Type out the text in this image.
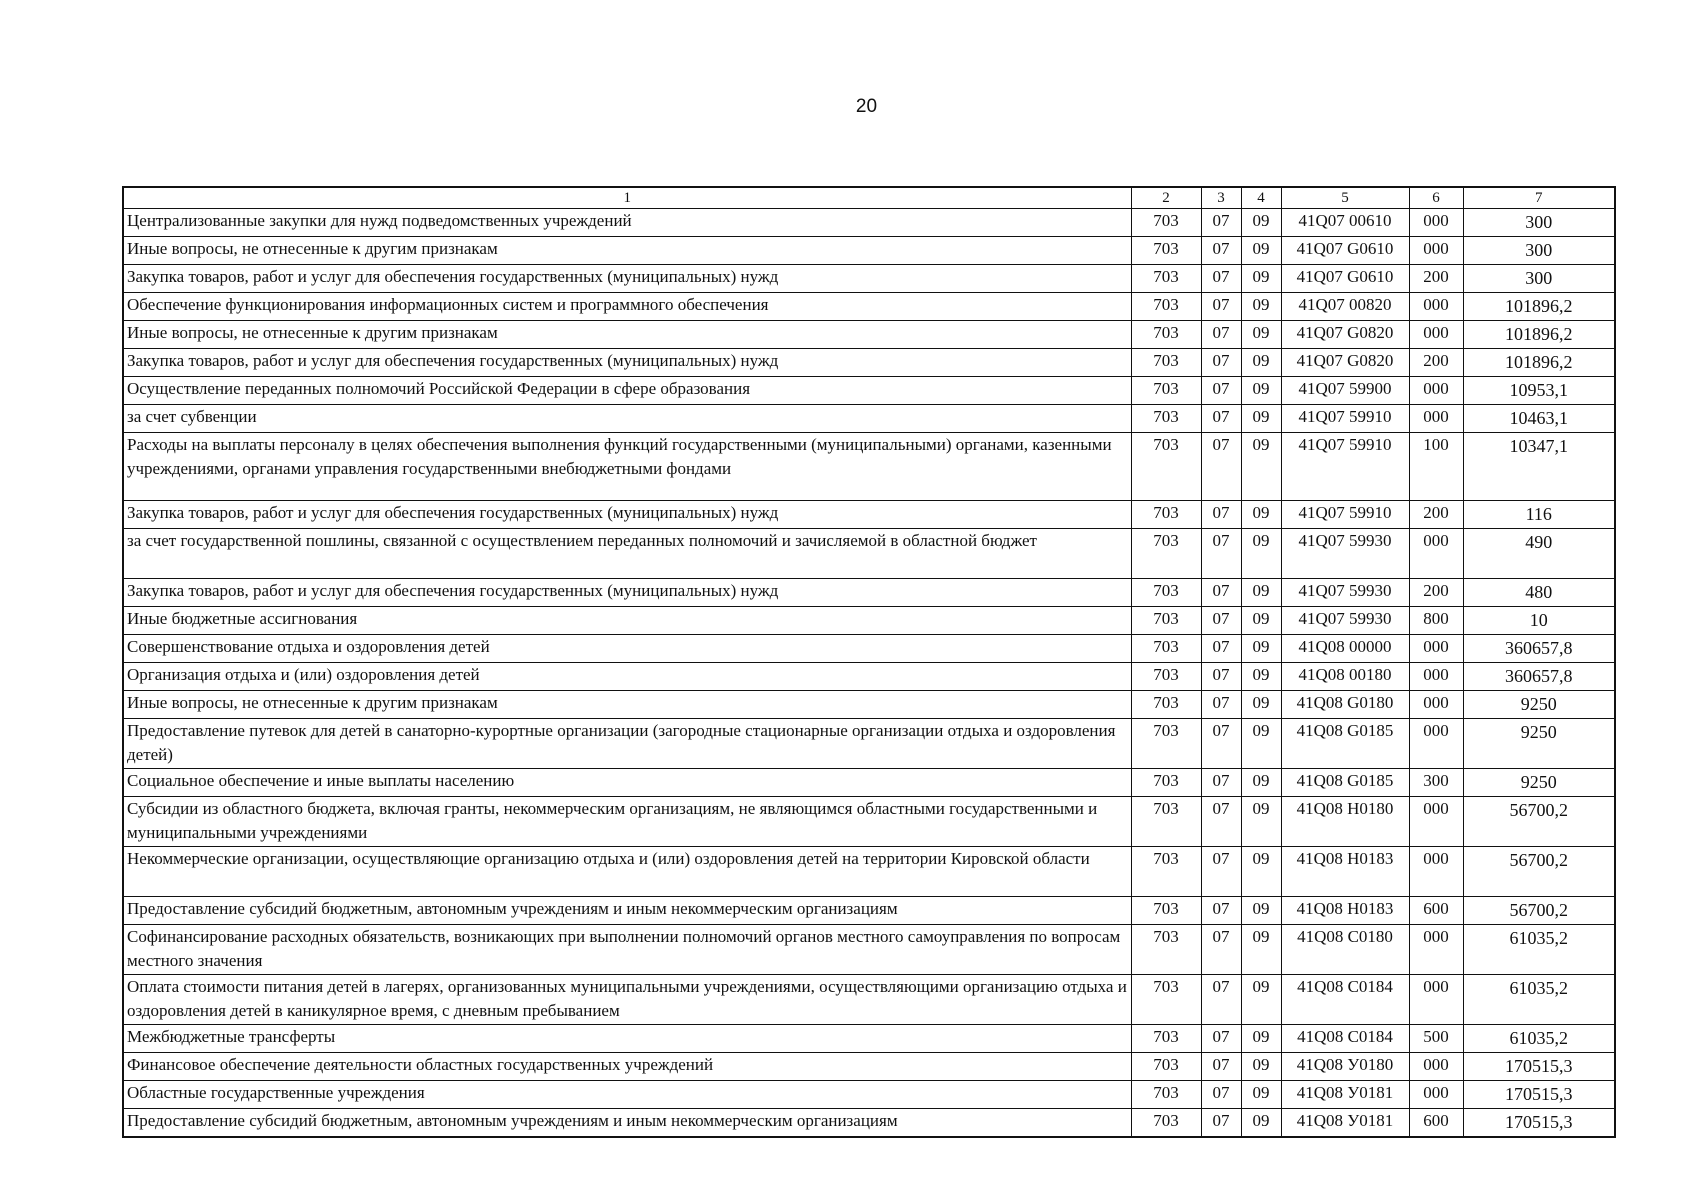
20
1	2	3	4	5	6	7
Централизованные закупки для нужд подведомственных учреждений	703	07	09	41Q07 00610	000	300
Иные вопросы, не отнесенные к другим признакам	703	07	09	41Q07 G0610	000	300
Закупка товаров, работ и услуг для обеспечения государственных (муниципальных) нужд	703	07	09	41Q07 G0610	200	300
Обеспечение функционирования информационных систем и программного обеспечения	703	07	09	41Q07 00820	000	101896,2
Иные вопросы, не отнесенные к другим признакам	703	07	09	41Q07 G0820	000	101896,2
Закупка товаров, работ и услуг для обеспечения государственных (муниципальных) нужд	703	07	09	41Q07 G0820	200	101896,2
Осуществление переданных полномочий Российской Федерации в сфере образования	703	07	09	41Q07 59900	000	10953,1
за счет субвенции	703	07	09	41Q07 59910	000	10463,1
Расходы на выплаты персоналу в целях обеспечения выполнения функций государственными (муниципальными) органами, казенными учреждениями, органами управления государственными внебюджетными фондами	703	07	09	41Q07 59910	100	10347,1
Закупка товаров, работ и услуг для обеспечения государственных (муниципальных) нужд	703	07	09	41Q07 59910	200	116
за счет государственной пошлины, связанной с осуществлением переданных полномочий и зачисляемой в областной бюджет	703	07	09	41Q07 59930	000	490
Закупка товаров, работ и услуг для обеспечения государственных (муниципальных) нужд	703	07	09	41Q07 59930	200	480
Иные бюджетные ассигнования	703	07	09	41Q07 59930	800	10
Совершенствование отдыха и оздоровления детей	703	07	09	41Q08 00000	000	360657,8
Организация отдыха и (или) оздоровления детей	703	07	09	41Q08 00180	000	360657,8
Иные вопросы, не отнесенные к другим признакам	703	07	09	41Q08 G0180	000	9250
Предоставление путевок для детей в санаторно-курортные организации (загородные стационарные организации отдыха и оздоровления детей)	703	07	09	41Q08 G0185	000	9250
Социальное обеспечение и иные выплаты населению	703	07	09	41Q08 G0185	300	9250
Субсидии из областного бюджета, включая гранты, некоммерческим организациям, не являющимся областными государственными и муниципальными учреждениями	703	07	09	41Q08 H0180	000	56700,2
Некоммерческие организации, осуществляющие организацию отдыха и (или) оздоровления детей на территории Кировской области	703	07	09	41Q08 H0183	000	56700,2
Предоставление субсидий бюджетным, автономным учреждениям и иным некоммерческим организациям	703	07	09	41Q08 H0183	600	56700,2
Софинансирование расходных обязательств, возникающих при выполнении полномочий органов местного самоуправления по вопросам местного значения	703	07	09	41Q08 C0180	000	61035,2
Оплата стоимости питания детей в лагерях, организованных муниципальными учреждениями, осуществляющими организацию отдыха и оздоровления детей в каникулярное время, с дневным пребыванием	703	07	09	41Q08 C0184	000	61035,2
Межбюджетные трансферты	703	07	09	41Q08 C0184	500	61035,2
Финансовое обеспечение деятельности областных государственных учреждений	703	07	09	41Q08 У0180	000	170515,3
Областные государственные учреждения	703	07	09	41Q08 У0181	000	170515,3
Предоставление субсидий бюджетным, автономным учреждениям и иным некоммерческим организациям	703	07	09	41Q08 У0181	600	170515,3
